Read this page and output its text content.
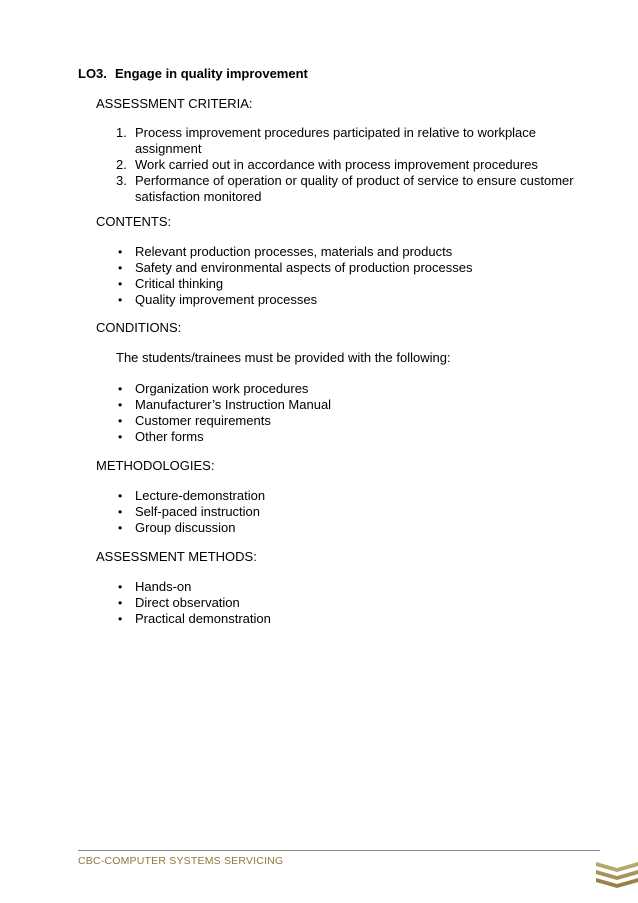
LO3. Engage in quality improvement
ASSESSMENT CRITERIA:
1. Process improvement procedures participated in relative to workplace assignment
2. Work carried out in accordance with process improvement procedures
3. Performance of operation or quality of product of service to ensure customer satisfaction monitored
CONTENTS:
• Relevant production processes, materials and products
• Safety and environmental aspects of production processes
• Critical thinking
• Quality improvement processes
CONDITIONS:
The students/trainees must be provided with the following:
• Organization work procedures
• Manufacturer’s Instruction Manual
• Customer requirements
• Other forms
METHODOLOGIES:
• Lecture-demonstration
• Self-paced instruction
• Group discussion
ASSESSMENT METHODS:
• Hands-on
• Direct observation
• Practical demonstration
CBC-COMPUTER SYSTEMS SERVICING
